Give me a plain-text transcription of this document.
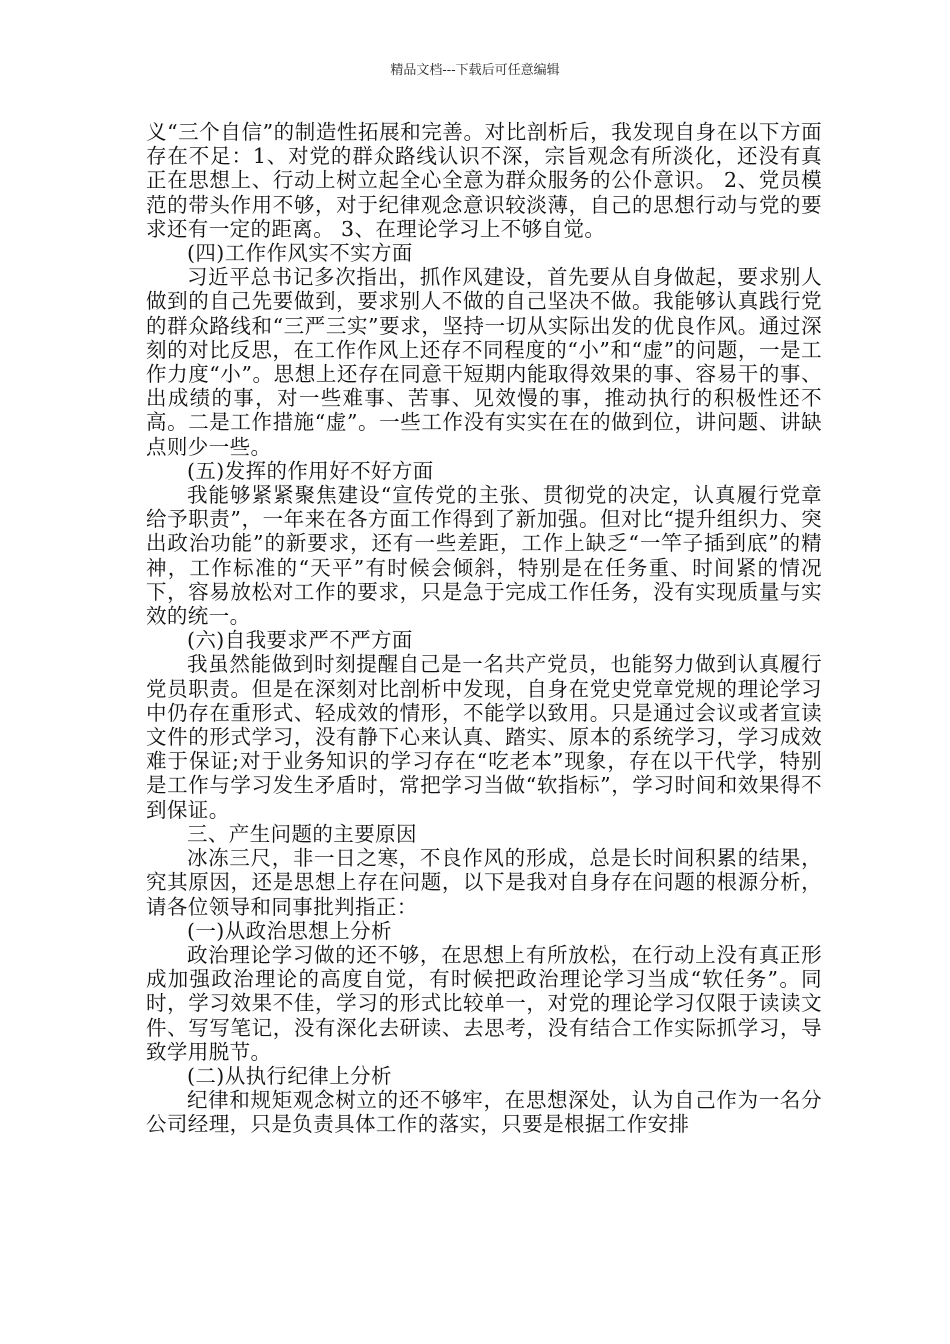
精品文档---下载后可任意编辑

义“三个自信”的制造性拓展和完善。对比剖析后，我发现自身在以下方面存在不足：1、对党的群众路线认识不深，宗旨观念有所淡化，还没有真正在思想上、行动上树立起全心全意为群众服务的公仆意识。 2、党员模范的带头作用不够，对于纪律观念意识较淡薄，自己的思想行动与党的要求还有一定的距离。 3、在理论学习上不够自觉。

(四)工作作风实不实方面

习近平总书记多次指出，抓作风建设，首先要从自身做起，要求别人做到的自己先要做到，要求别人不做的自己坚决不做。我能够认真践行党的群众路线和“三严三实”要求，坚持一切从实际出发的优良作风。通过深刻的对比反思，在工作作风上还存不同程度的“小”和“虚”的问题，一是工作力度“小”。思想上还存在同意干短期内能取得效果的事、容易干的事、出成绩的事，对一些难事、苦事、见效慢的事，推动执行的积极性还不高。二是工作措施“虚”。一些工作没有实实在在的做到位，讲问题、讲缺点则少一些。

(五)发挥的作用好不好方面

我能够紧紧聚焦建设“宣传党的主张、贯彻党的决定，认真履行党章给予职责”，一年来在各方面工作得到了新加强。但对比“提升组织力、突出政治功能”的新要求，还有一些差距，工作上缺乏“一竿子插到底”的精神，工作标准的“天平”有时候会倾斜，特别是在任务重、时间紧的情况下，容易放松对工作的要求，只是急于完成工作任务，没有实现质量与实效的统一。

(六)自我要求严不严方面

我虽然能做到时刻提醒自己是一名共产党员，也能努力做到认真履行党员职责。但是在深刻对比剖析中发现，自身在党史党章党规的理论学习中仍存在重形式、轻成效的情形，不能学以致用。只是通过会议或者宣读文件的形式学习，没有静下心来认真、踏实、原本的系统学习，学习成效难于保证;对于业务知识的学习存在“吃老本”现象，存在以干代学，特别是工作与学习发生矛盾时，常把学习当做“软指标”，学习时间和效果得不到保证。

三、产生问题的主要原因

冰冻三尺，非一日之寒，不良作风的形成，总是长时间积累的结果，究其原因，还是思想上存在问题，以下是我对自身存在问题的根源分析，请各位领导和同事批判指正：

(一)从政治思想上分析

政治理论学习做的还不够，在思想上有所放松，在行动上没有真正形成加强政治理论的高度自觉，有时候把政治理论学习当成“软任务”。同时，学习效果不佳，学习的形式比较单一，对党的理论学习仅限于读读文件、写写笔记，没有深化去研读、去思考，没有结合工作实际抓学习，导致学用脱节。

(二)从执行纪律上分析

纪律和规矩观念树立的还不够牢，在思想深处，认为自己作为一名分公司经理，只是负责具体工作的落实，只要是根据工作安排
